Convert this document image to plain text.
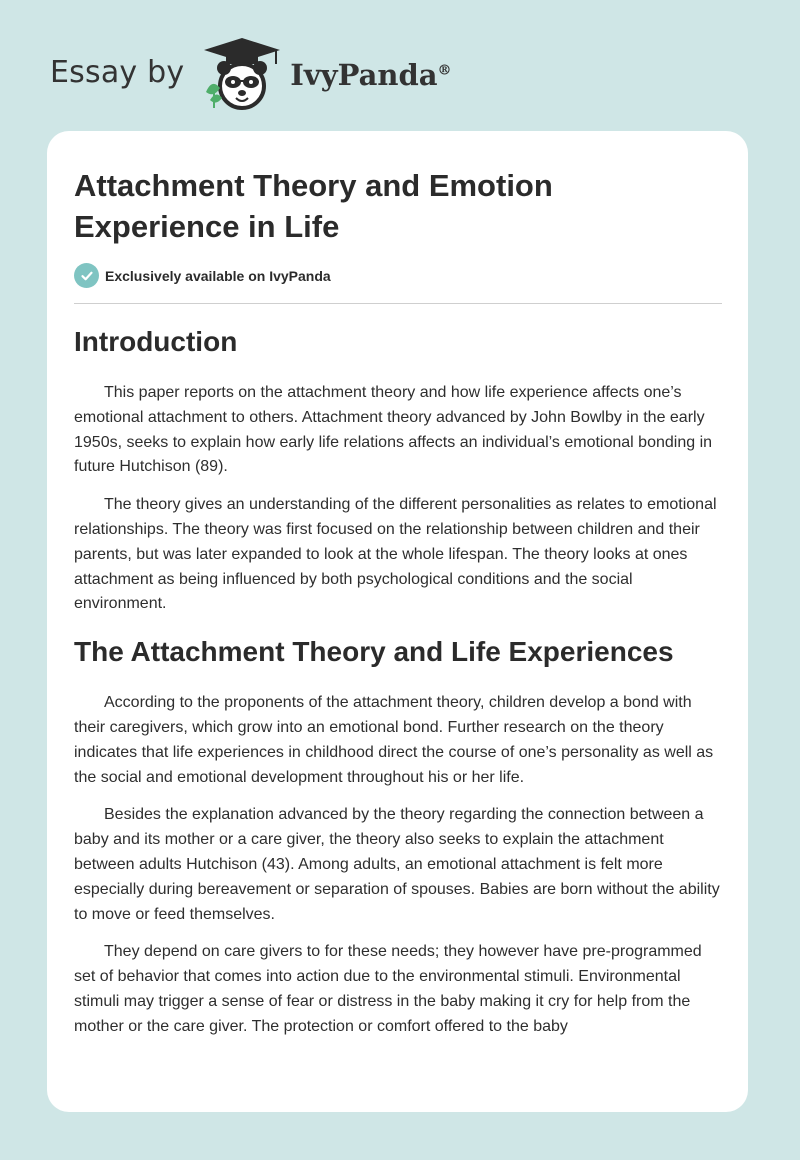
Essay by	IvyPanda®
Attachment Theory and Emotion Experience in Life
Exclusively available on IvyPanda
Introduction

This paper reports on the attachment theory and how life experience affects one’s emotional attachment to others. Attachment theory advanced by John Bowlby in the early 1950s, seeks to explain how early life relations affects an individual’s emotional bonding in future Hutchison (89).

The theory gives an understanding of the different personalities as relates to emotional relationships. The theory was first focused on the relationship between children and their parents, but was later expanded to look at the whole lifespan. The theory looks at ones attachment as being influenced by both psychological conditions and the social environment.

The Attachment Theory and Life Experiences

According to the proponents of the attachment theory, children develop a bond with their caregivers, which grow into an emotional bond. Further research on the theory indicates that life experiences in childhood direct the course of one’s personality as well as the social and emotional development throughout his or her life.

Besides the explanation advanced by the theory regarding the connection between a baby and its mother or a care giver, the theory also seeks to explain the attachment between adults Hutchison (43). Among adults, an emotional attachment is felt more especially during bereavement or separation of spouses. Babies are born without the ability to move or feed themselves.

They depend on care givers to for these needs; they however have pre-programmed set of behavior that comes into action due to the environmental stimuli. Environmental stimuli may trigger a sense of fear or distress in the baby making it cry for help from the mother or the care giver. The protection or comfort offered to the baby
